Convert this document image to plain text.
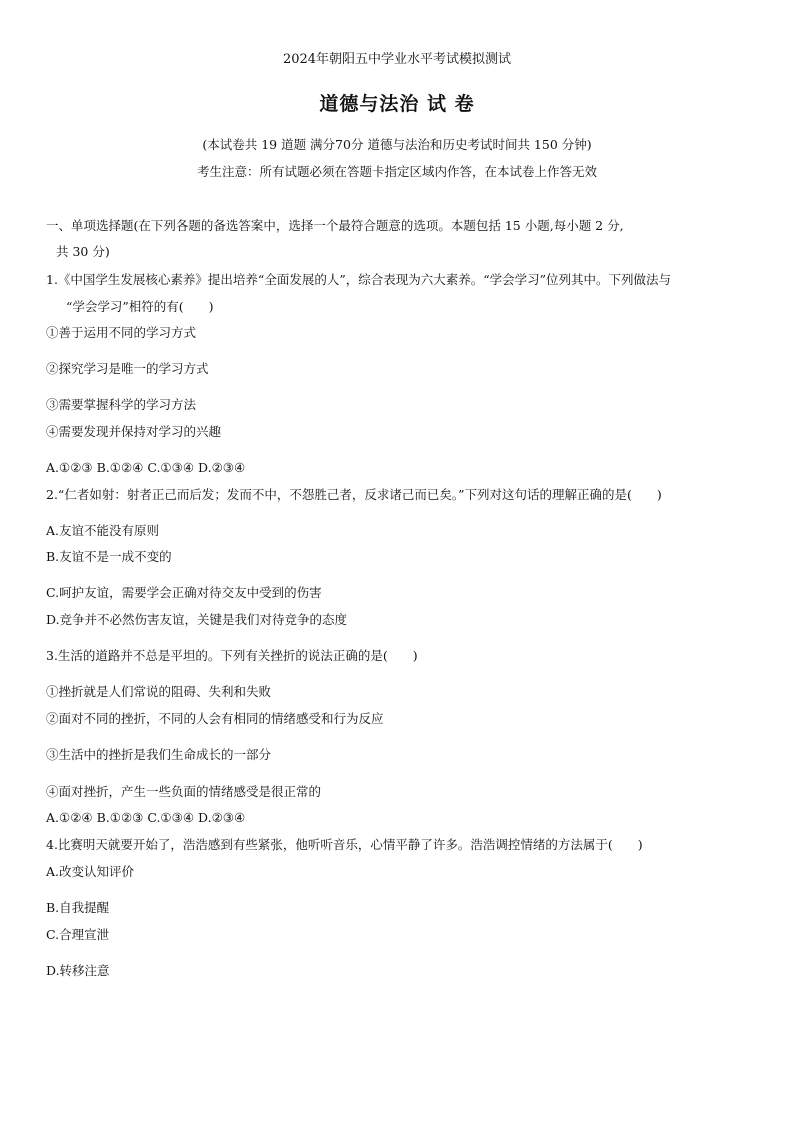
2024年朝阳五中学业水平考试模拟测试
道德与法治 试 卷
(本试卷共 19 道题 满分70分 道德与法治和历史考试时间共 150 分钟)
考生注意：所有试题必须在答题卡指定区域内作答，在本试卷上作答无效
一、单项选择题(在下列各题的备选答案中，选择一个最符合题意的选项。本题包括 15 小题,每小题 2 分,
共 30 分)
1.《中国学生发展核心素养》提出培养“全面发展的人”，综合表现为六大素养。“学会学习”位列其中。下列做法与
“学会学习”相符的有(　　)
①善于运用不同的学习方式
②探究学习是唯一的学习方式
③需要掌握科学的学习方法
④需要发现并保持对学习的兴趣
A.①②③ B.①②④ C.①③④ D.②③④
2.“仁者如射：射者正己而后发；发而不中，不怨胜己者，反求诸己而已矣。”下列对这句话的理解正确的是(　　)
A.友谊不能没有原则
B.友谊不是一成不变的
C.呵护友谊，需要学会正确对待交友中受到的伤害
D.竞争并不必然伤害友谊，关键是我们对待竞争的态度
3.生活的道路并不总是平坦的。下列有关挫折的说法正确的是(　　)
①挫折就是人们常说的阻碍、失利和失败
②面对不同的挫折，不同的人会有相同的情绪感受和行为反应
③生活中的挫折是我们生命成长的一部分
④面对挫折，产生一些负面的情绪感受是很正常的
A.①②④ B.①②③ C.①③④ D.②③④
4.比赛明天就要开始了，浩浩感到有些紧张，他听听音乐，心情平静了许多。浩浩调控情绪的方法属于(　　)
A.改变认知评价
B.自我提醒
C.合理宣泄
D.转移注意
